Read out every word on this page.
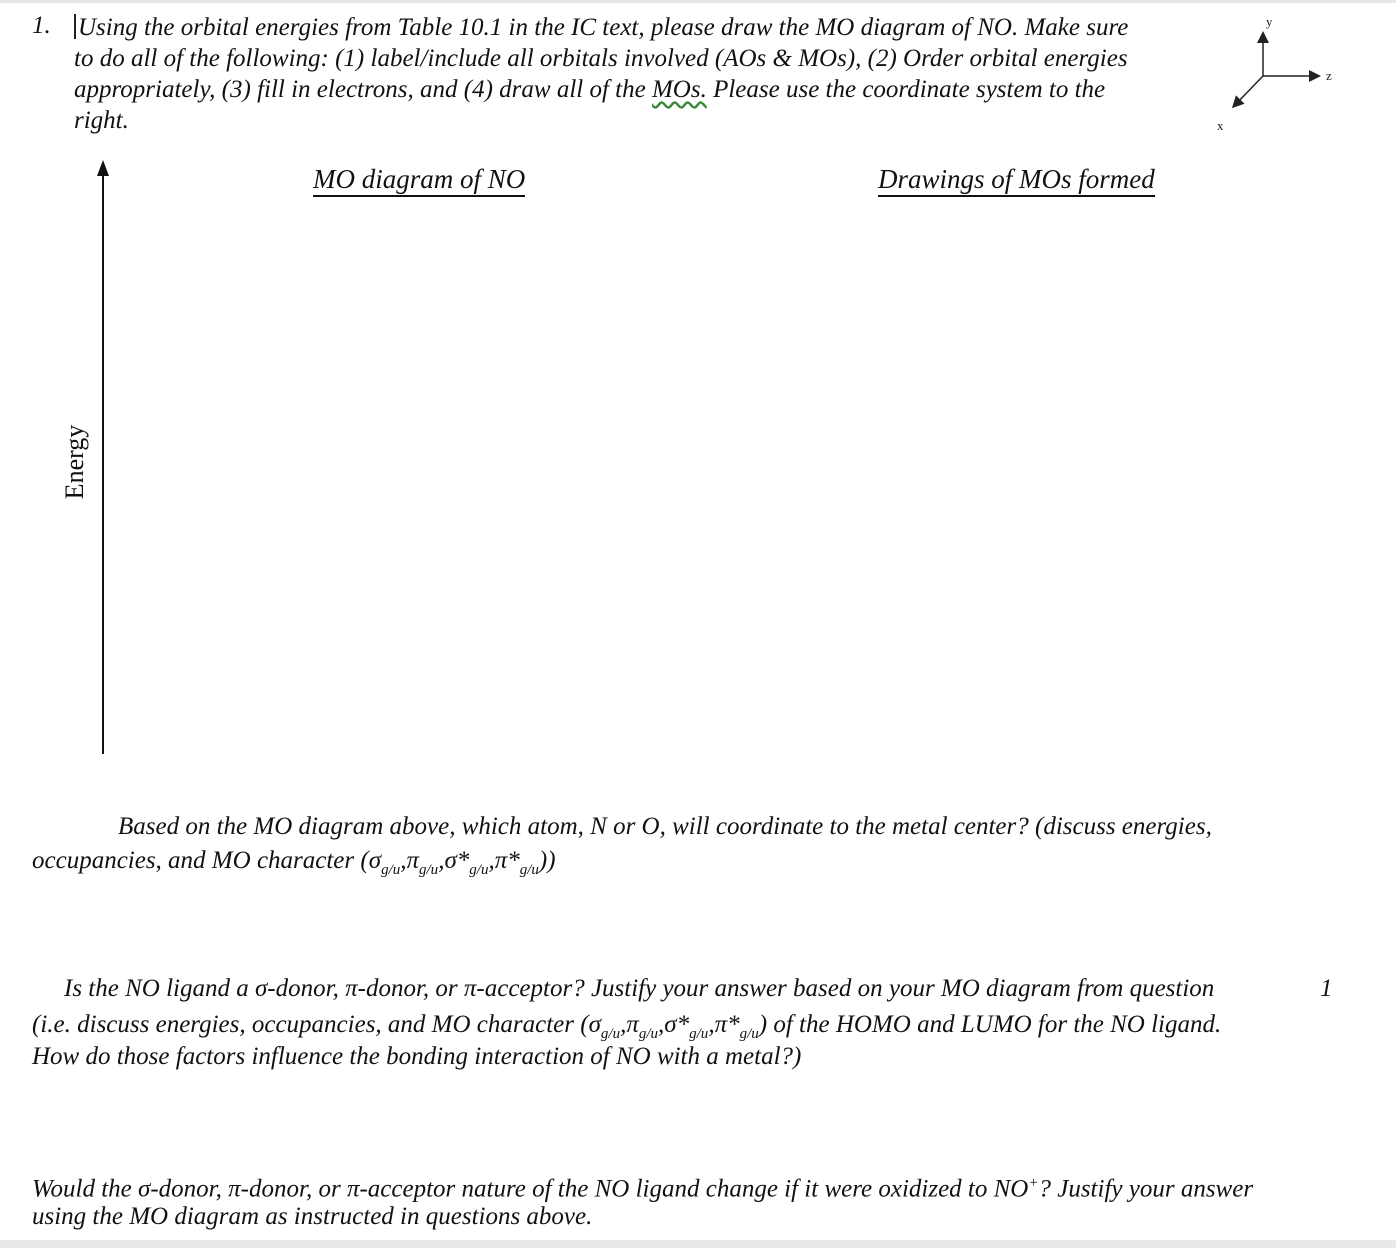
1. Using the orbital energies from Table 10.1 in the IC text, please draw the MO diagram of NO. Make sure
to do all of the following: (1) label/include all orbitals involved (AOs & MOs), (2) Order orbital energies
appropriately, (3) fill in electrons, and (4) draw all of the MOs. Please use the coordinate system to the
right.
y
z
x
MO diagram of NO	Drawings of MOs formed
Energy
Based on the MO diagram above, which atom, N or O, will coordinate to the metal center? (discuss energies,
occupancies, and MO character $(\sigma_{g/u},\pi_{g/u},\sigma*_{g/u},\pi*_{g/u})$)
Is the NO ligand a σ-donor, π-donor, or π-acceptor? Justify your answer based on your MO diagram from question	1
(i.e. discuss energies, occupancies, and MO character $(\sigma_{g/u},\pi_{g/u},\sigma*_{g/u},\pi*_{g/u})$ of the HOMO and LUMO for the NO ligand.
How do those factors influence the bonding interaction of NO with a metal?)
Would the σ-donor, π-donor, or π-acceptor nature of the NO ligand change if it were oxidized to NO+? Justify your answer
using the MO diagram as instructed in questions above.
